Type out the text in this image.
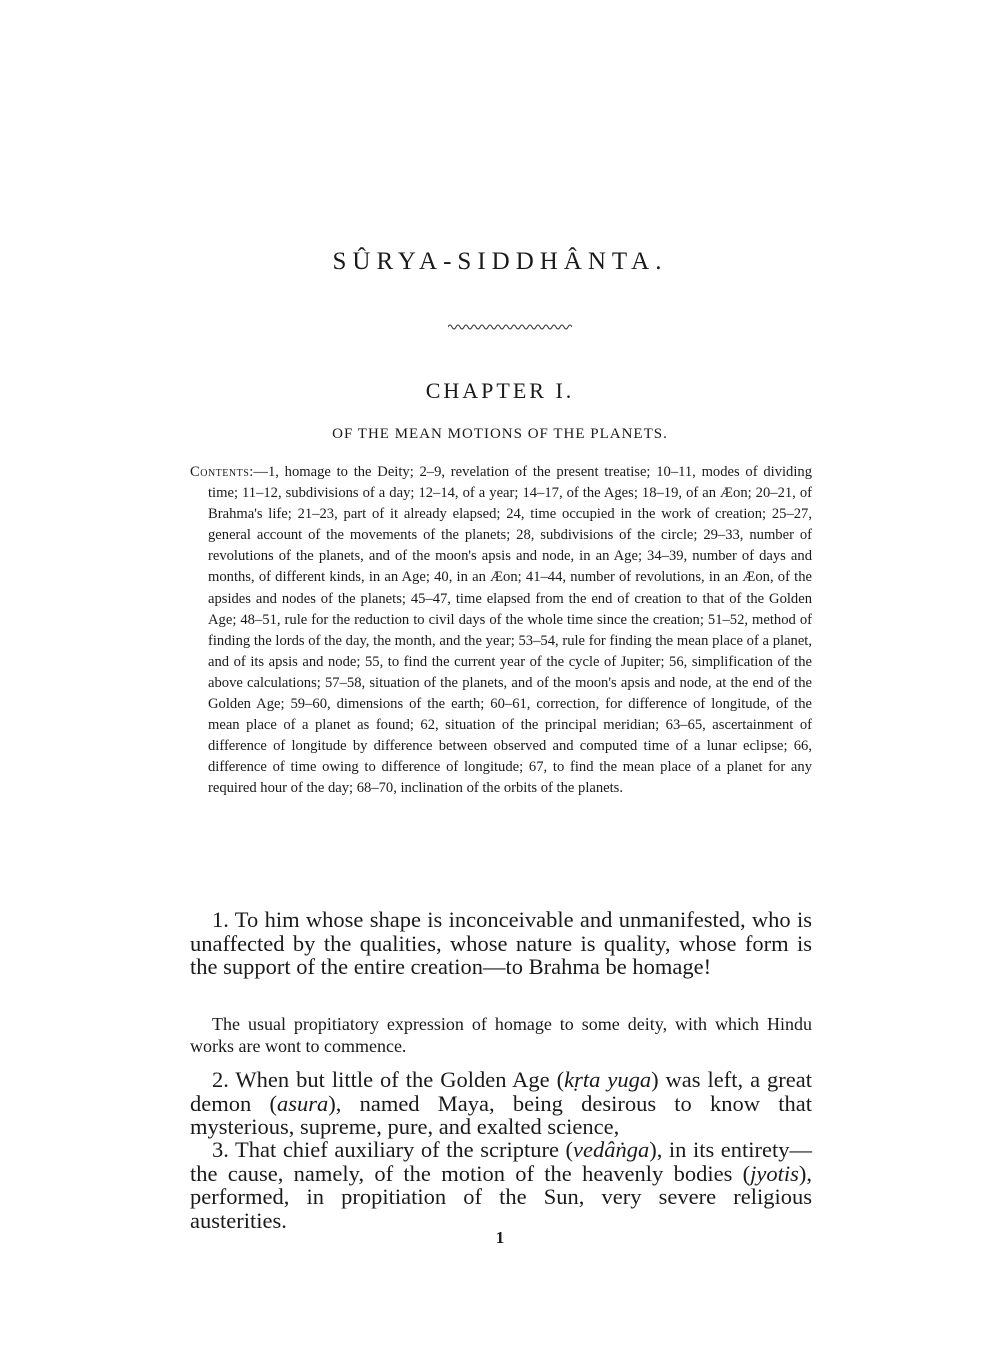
SÛRYA-SIDDHÂNTA.
CHAPTER I.
OF THE MEAN MOTIONS OF THE PLANETS.

Contents:—1, homage to the Deity; 2–9, revelation of the present treatise; 10–11, modes of dividing time; 11–12, subdivisions of a day; 12–14, of a year; 14–17, of the Ages; 18–19, of an Æon; 20–21, of Brahma's life; 21–23, part of it already elapsed; 24, time occupied in the work of creation; 25–27, general account of the movements of the planets; 28, subdivisions of the circle; 29–33, number of revolutions of the planets, and of the moon's apsis and node, in an Age; 34–39, number of days and months, of different kinds, in an Age; 40, in an Æon; 41–44, number of revolutions, in an Æon, of the apsides and nodes of the planets; 45–47, time elapsed from the end of creation to that of the Golden Age; 48–51, rule for the reduction to civil days of the whole time since the creation; 51–52, method of finding the lords of the day, the month, and the year; 53–54, rule for finding the mean place of a planet, and of its apsis and node; 55, to find the current year of the cycle of Jupiter; 56, simplification of the above calculations; 57–58, situation of the planets, and of the moon's apsis and node, at the end of the Golden Age; 59–60, dimensions of the earth; 60–61, correction, for difference of longitude, of the mean place of a planet as found; 62, situation of the principal meridian; 63–65, ascertainment of difference of longitude by difference between observed and computed time of a lunar eclipse; 66, difference of time owing to difference of longitude; 67, to find the mean place of a planet for any required hour of the day; 68–70, inclination of the orbits of the planets.

1. To him whose shape is inconceivable and unmanifested, who is unaffected by the qualities, whose nature is quality, whose form is the support of the entire creation—to Brahma be homage!

The usual propitiatory expression of homage to some deity, with which Hindu works are wont to commence.

2. When but little of the Golden Age (kṛta yuga) was left, a great demon (asura), named Maya, being desirous to know that mysterious, supreme, pure, and exalted science,

3. That chief auxiliary of the scripture (vedâṅga), in its entirety—the cause, namely, of the motion of the heavenly bodies (jyotis), performed, in propitiation of the Sun, very severe religious austerities.

1
